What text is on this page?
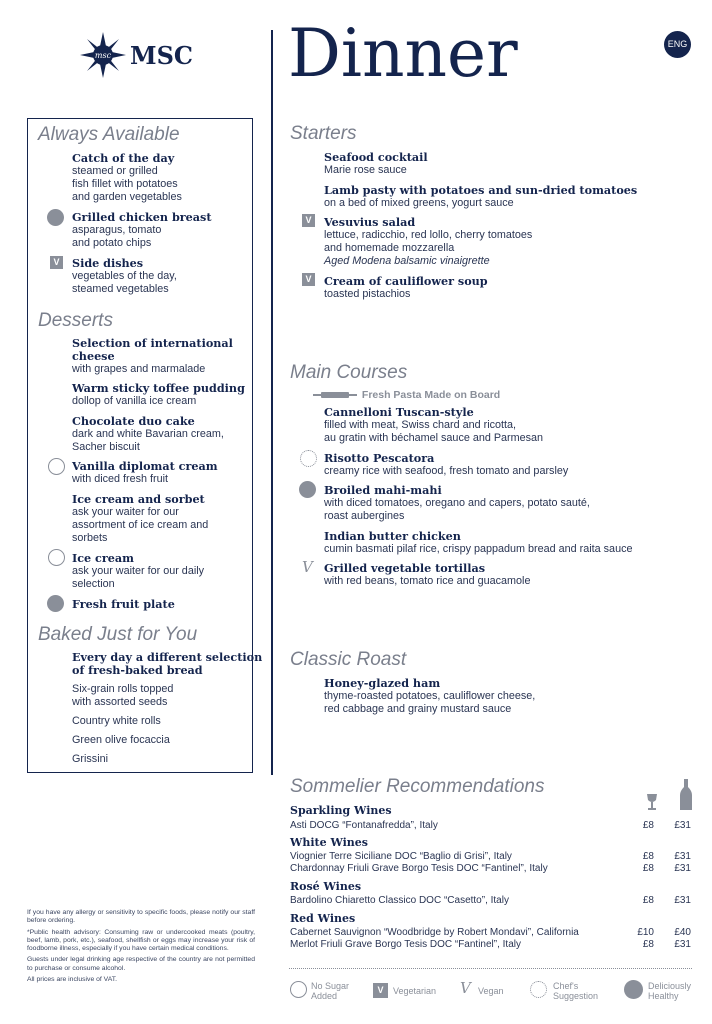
msc MSC Dinner	ENG
Always Available
Catch of the day
steamed or grilled
fish fillet with potatoes
and garden vegetables
Grilled chicken breast
asparagus, tomato
and potato chips
V	Side dishes
vegetables of the day,
steamed vegetables
Desserts
Selection of international
cheese
with grapes and marmalade
Warm sticky toffee pudding
dollop of vanilla ice cream
Chocolate duo cake
dark and white Bavarian cream,
Sacher biscuit
Vanilla diplomat cream
with diced fresh fruit
Ice cream and sorbet
ask your waiter for our
assortment of ice cream and
sorbets
Ice cream
ask your waiter for our daily
selection
Fresh fruit plate
Baked Just for You
Every day a different selection
of fresh-baked bread
Six-grain rolls topped
with assorted seeds
Country white rolls
Green olive focaccia
Grissini
If you have any allergy or sensitivity to specific foods, please notify our staff before ordering.
*Public health advisory: Consuming raw or undercooked meats (poultry, beef, lamb, pork, etc.), seafood, shellfish or eggs may increase your risk of foodborne illness, especially if you have certain medical conditions.
Guests under legal drinking age respective of the country are not permitted to purchase or consume alcohol.
All prices are inclusive of VAT.
Starters
Seafood cocktail
Marie rose sauce
Lamb pasty with potatoes and sun-dried tomatoes
on a bed of mixed greens, yogurt sauce
V	Vesuvius salad
lettuce, radicchio, red lollo, cherry tomatoes
and homemade mozzarella
Aged Modena balsamic vinaigrette
V	Cream of cauliflower soup
toasted pistachios
Main Courses
Fresh Pasta Made on Board
Cannelloni Tuscan-style
filled with meat, Swiss chard and ricotta,
au gratin with béchamel sauce and Parmesan
Risotto Pescatora
creamy rice with seafood, fresh tomato and parsley
Broiled mahi-mahi
with diced tomatoes, oregano and capers, potato sauté,
roast aubergines
Indian butter chicken
cumin basmati pilaf rice, crispy pappadum bread and raita sauce
V Grilled vegetable tortillas
with red beans, tomato rice and guacamole
Classic Roast
Honey-glazed ham
thyme-roasted potatoes, cauliflower cheese,
red cabbage and grainy mustard sauce
Sommelier Recommendations
Sparkling Wines
Asti DOCG “Fontanafredda”, Italy	£8	£31
White Wines
Viognier Terre Siciliane DOC “Baglio di Grisi”, Italy	£8	£31
Chardonnay Friuli Grave Borgo Tesis DOC “Fantinel”, Italy	£8	£31
Rosé Wines
Bardolino Chiaretto Classico DOC “Casetto”, Italy	£8	£31
Red Wines
Cabernet Sauvignon “Woodbridge by Robert Mondavi”, California	£10	£40
Merlot Friuli Grave Borgo Tesis DOC “Fantinel”, Italy	£8	£31
No Sugar
Added
V	Vegetarian V Vegan	Chef's
Suggestion
Deliciously
Healthy
